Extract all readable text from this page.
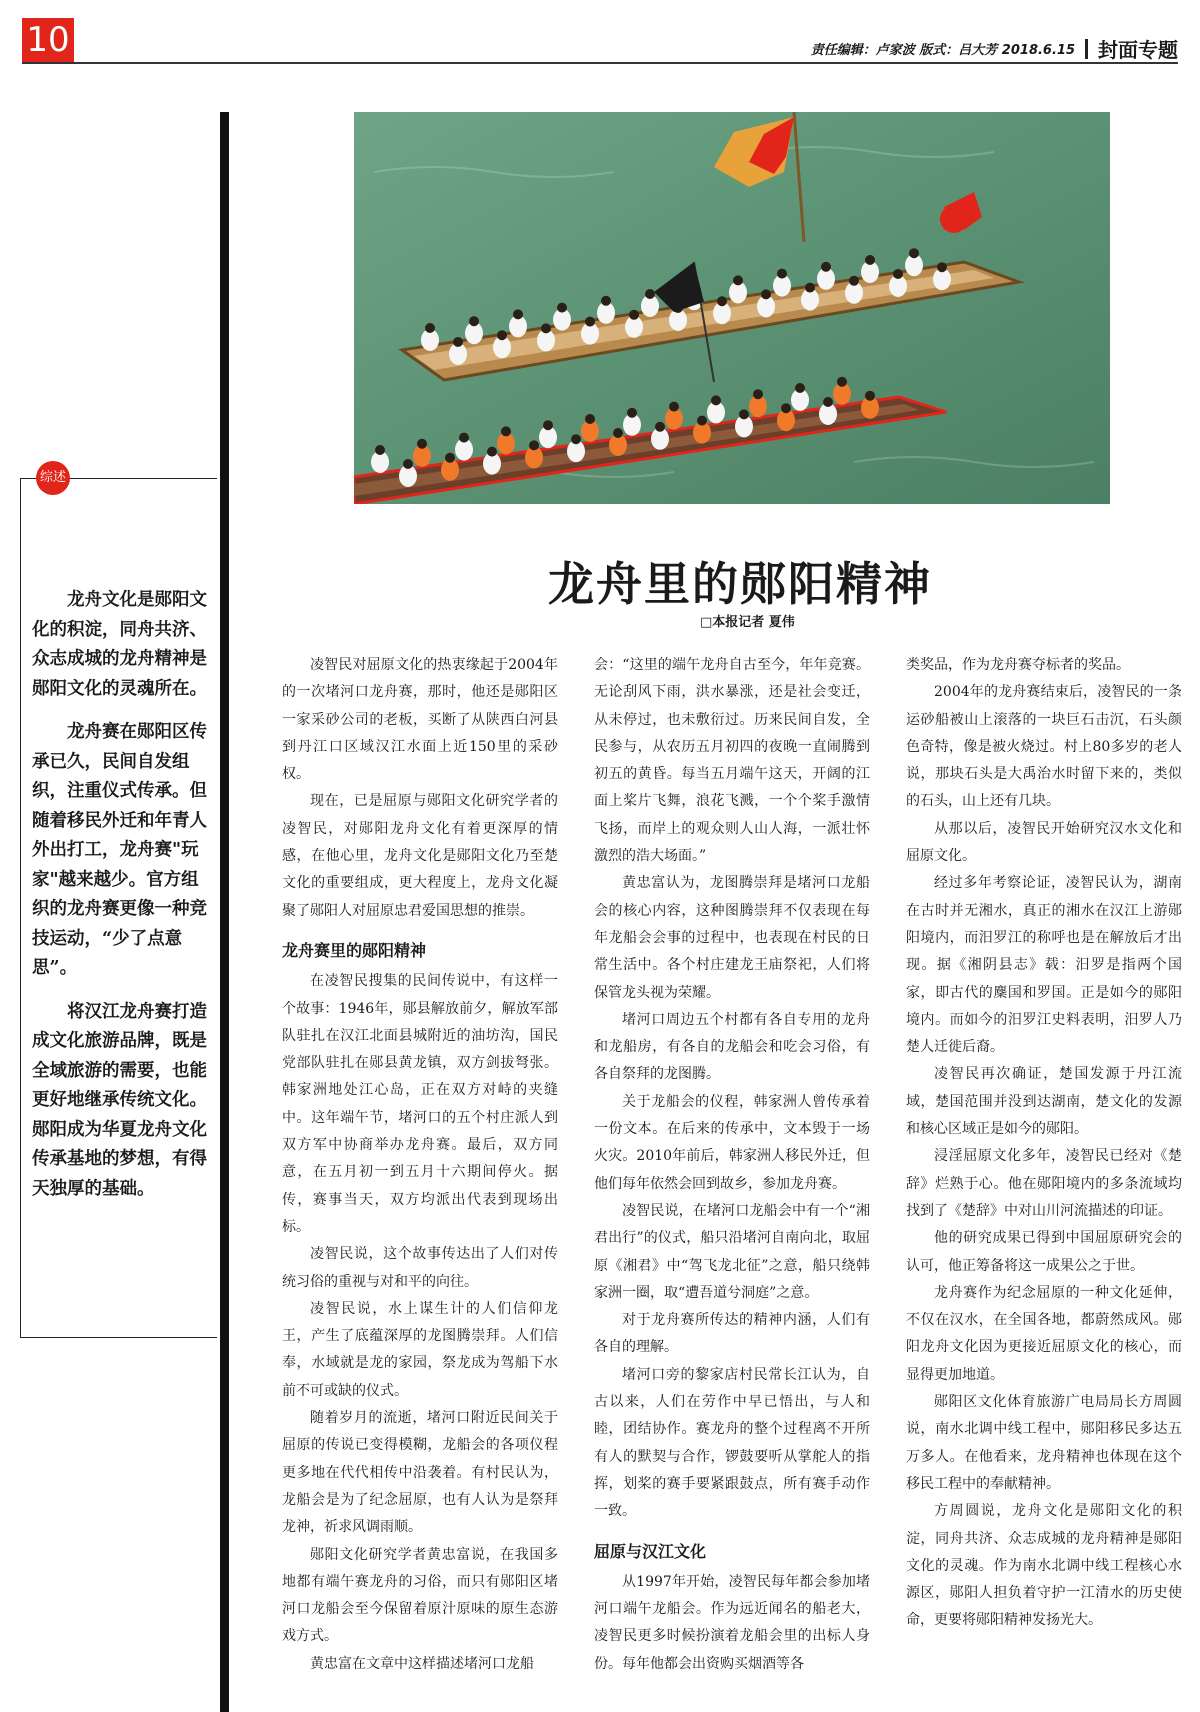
10	责任编辑：卢家波 版式：吕大芳 2018.6.15 封面专题
综述

龙舟文化是郧阳文化的积淀，同舟共济、众志成城的龙舟精神是郧阳文化的灵魂所在。

龙舟赛在郧阳区传承已久，民间自发组织，注重仪式传承。但随着移民外迁和年青人外出打工，龙舟赛"玩家"越来越少。官方组织的龙舟赛更像一种竞技运动，“少了点意思”。

将汉江龙舟赛打造成文化旅游品牌，既是全域旅游的需要，也能更好地继承传统文化。郧阳成为华夏龙舟文化传承基地的梦想，有得天独厚的基础。

龙舟里的郧阳精神
□本报记者 夏伟

凌智民对屈原文化的热衷缘起于2004年的一次堵河口龙舟赛，那时，他还是郧阳区一家采砂公司的老板，买断了从陕西白河县到丹江口区域汉江水面上近150里的采砂权。

现在，已是屈原与郧阳文化研究学者的凌智民，对郧阳龙舟文化有着更深厚的情感，在他心里，龙舟文化是郧阳文化乃至楚文化的重要组成，更大程度上，龙舟文化凝聚了郧阳人对屈原忠君爱国思想的推崇。

龙舟赛里的郧阳精神

在凌智民搜集的民间传说中，有这样一个故事：1946年，郧县解放前夕，解放军部队驻扎在汉江北面县城附近的油坊沟，国民党部队驻扎在郧县黄龙镇，双方剑拔弩张。韩家洲地处江心岛，正在双方对峙的夹缝中。这年端午节，堵河口的五个村庄派人到双方军中协商举办龙舟赛。最后，双方同意，在五月初一到五月十六期间停火。据传，赛事当天，双方均派出代表到现场出标。

凌智民说，这个故事传达出了人们对传统习俗的重视与对和平的向往。

凌智民说，水上谋生计的人们信仰龙王，产生了底蕴深厚的龙图腾崇拜。人们信奉，水域就是龙的家园，祭龙成为驾船下水前不可或缺的仪式。

随着岁月的流逝，堵河口附近民间关于屈原的传说已变得模糊，龙船会的各项仪程更多地在代代相传中沿袭着。有村民认为，龙船会是为了纪念屈原，也有人认为是祭拜龙神，祈求风调雨顺。

郧阳文化研究学者黄忠富说，在我国多地都有端午赛龙舟的习俗，而只有郧阳区堵河口龙船会至今保留着原汁原味的原生态游戏方式。

黄忠富在文章中这样描述堵河口龙船

会：“这里的端午龙舟自古至今，年年竞赛。无论刮风下雨，洪水暴涨，还是社会变迁，从未停过，也未敷衍过。历来民间自发，全民参与，从农历五月初四的夜晚一直闹腾到初五的黄昏。每当五月端午这天，开阔的江面上桨片飞舞，浪花飞溅，一个个桨手激情飞扬，而岸上的观众则人山人海，一派壮怀激烈的浩大场面。”

黄忠富认为，龙图腾崇拜是堵河口龙船会的核心内容，这种图腾崇拜不仅表现在每年龙船会会事的过程中，也表现在村民的日常生活中。各个村庄建龙王庙祭祀，人们将保管龙头视为荣耀。

堵河口周边五个村都有各自专用的龙舟和龙船房，有各自的龙船会和吃会习俗，有各自祭拜的龙图腾。

关于龙船会的仪程，韩家洲人曾传承着一份文本。在后来的传承中，文本毁于一场火灾。2010年前后，韩家洲人移民外迁，但他们每年依然会回到故乡，参加龙舟赛。

凌智民说，在堵河口龙船会中有一个“湘君出行”的仪式，船只沿堵河自南向北，取屈原《湘君》中“驾飞龙北征”之意，船只绕韩家洲一圈，取“遭吾道兮洞庭”之意。

对于龙舟赛所传达的精神内涵，人们有各自的理解。

堵河口旁的黎家店村民常长江认为，自古以来，人们在劳作中早已悟出，与人和睦，团结协作。赛龙舟的整个过程离不开所有人的默契与合作，锣鼓要听从掌舵人的指挥，划桨的赛手要紧跟鼓点，所有赛手动作一致。

屈原与汉江文化

从1997年开始，凌智民每年都会参加堵河口端午龙船会。作为远近闻名的船老大，凌智民更多时候扮演着龙船会里的出标人身份。每年他都会出资购买烟酒等各

类奖品，作为龙舟赛夺标者的奖品。

2004年的龙舟赛结束后，凌智民的一条运砂船被山上滚落的一块巨石击沉，石头颜色奇特，像是被火烧过。村上80多岁的老人说，那块石头是大禹治水时留下来的，类似的石头，山上还有几块。

从那以后，凌智民开始研究汉水文化和屈原文化。

经过多年考察论证，凌智民认为，湖南在古时并无湘水，真正的湘水在汉江上游郧阳境内，而汨罗江的称呼也是在解放后才出现。据《湘阴县志》载：汨罗是指两个国家，即古代的麇国和罗国。正是如今的郧阳境内。而如今的汨罗江史料表明，汨罗人乃楚人迁徙后裔。

凌智民再次确证，楚国发源于丹江流域，楚国范围并没到达湖南，楚文化的发源和核心区域正是如今的郧阳。

浸淫屈原文化多年，凌智民已经对《楚辞》烂熟于心。他在郧阳境内的多条流域均找到了《楚辞》中对山川河流描述的印证。

他的研究成果已得到中国屈原研究会的认可，他正筹备将这一成果公之于世。

龙舟赛作为纪念屈原的一种文化延伸，不仅在汉水，在全国各地，都蔚然成风。郧阳龙舟文化因为更接近屈原文化的核心，而显得更加地道。

郧阳区文化体育旅游广电局局长方周圆说，南水北调中线工程中，郧阳移民多达五万多人。在他看来，龙舟精神也体现在这个移民工程中的奉献精神。

方周圆说，龙舟文化是郧阳文化的积淀，同舟共济、众志成城的龙舟精神是郧阳文化的灵魂。作为南水北调中线工程核心水源区，郧阳人担负着守护一江清水的历史使命，更要将郧阳精神发扬光大。
